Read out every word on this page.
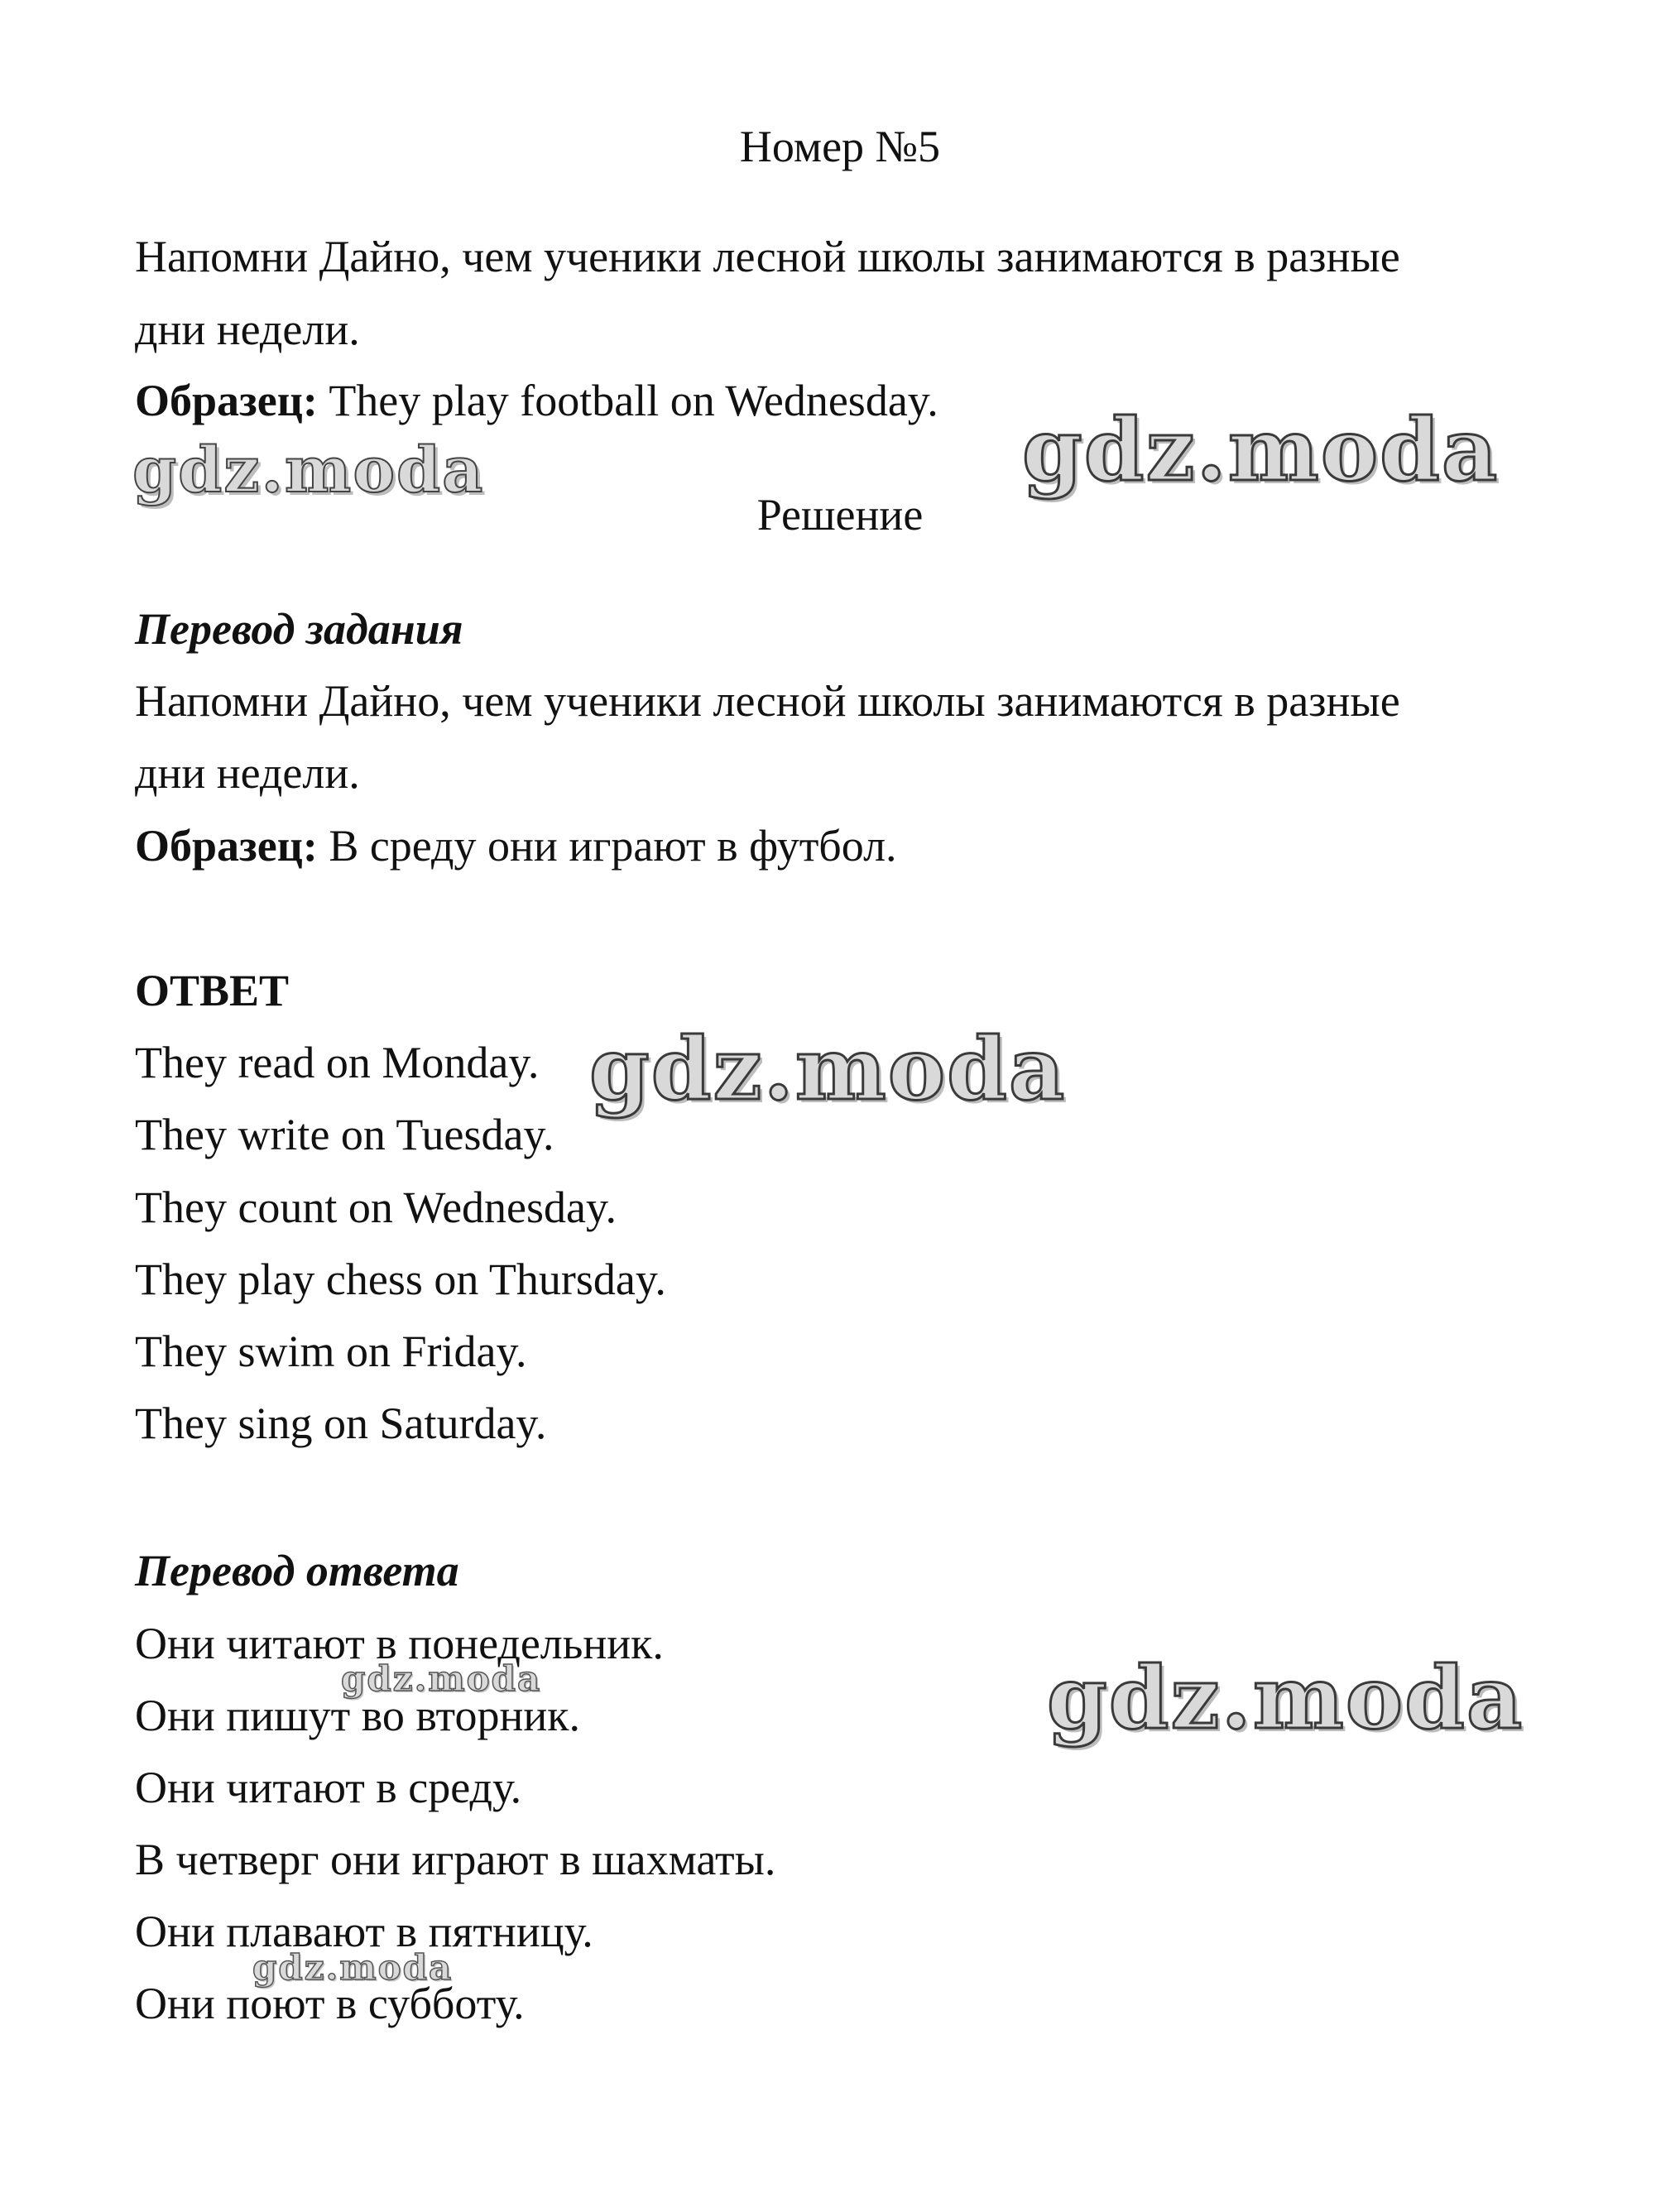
Номер №5
Напомни Дайно, чем ученики лесной школы занимаются в разные
дни недели.
Образец: They play football on Wednesday.
Решение
Перевод задания
Напомни Дайно, чем ученики лесной школы занимаются в разные
дни недели.
Образец: В среду они играют в футбол.
ОТВЕТ
They read on Monday.
They write on Tuesday.
They count on Wednesday.
They play chess on Thursday.
They swim on Friday.
They sing on Saturday.
Перевод ответа
Они читают в понедельник.
Они пишут во вторник.
Они читают в среду.
В четверг они играют в шахматы.
Они плавают в пятницу.
Они поют в субботу.
gdz.moda	gdz.moda
gdz.moda
gdz.moda	gdz.moda
gdz.moda
